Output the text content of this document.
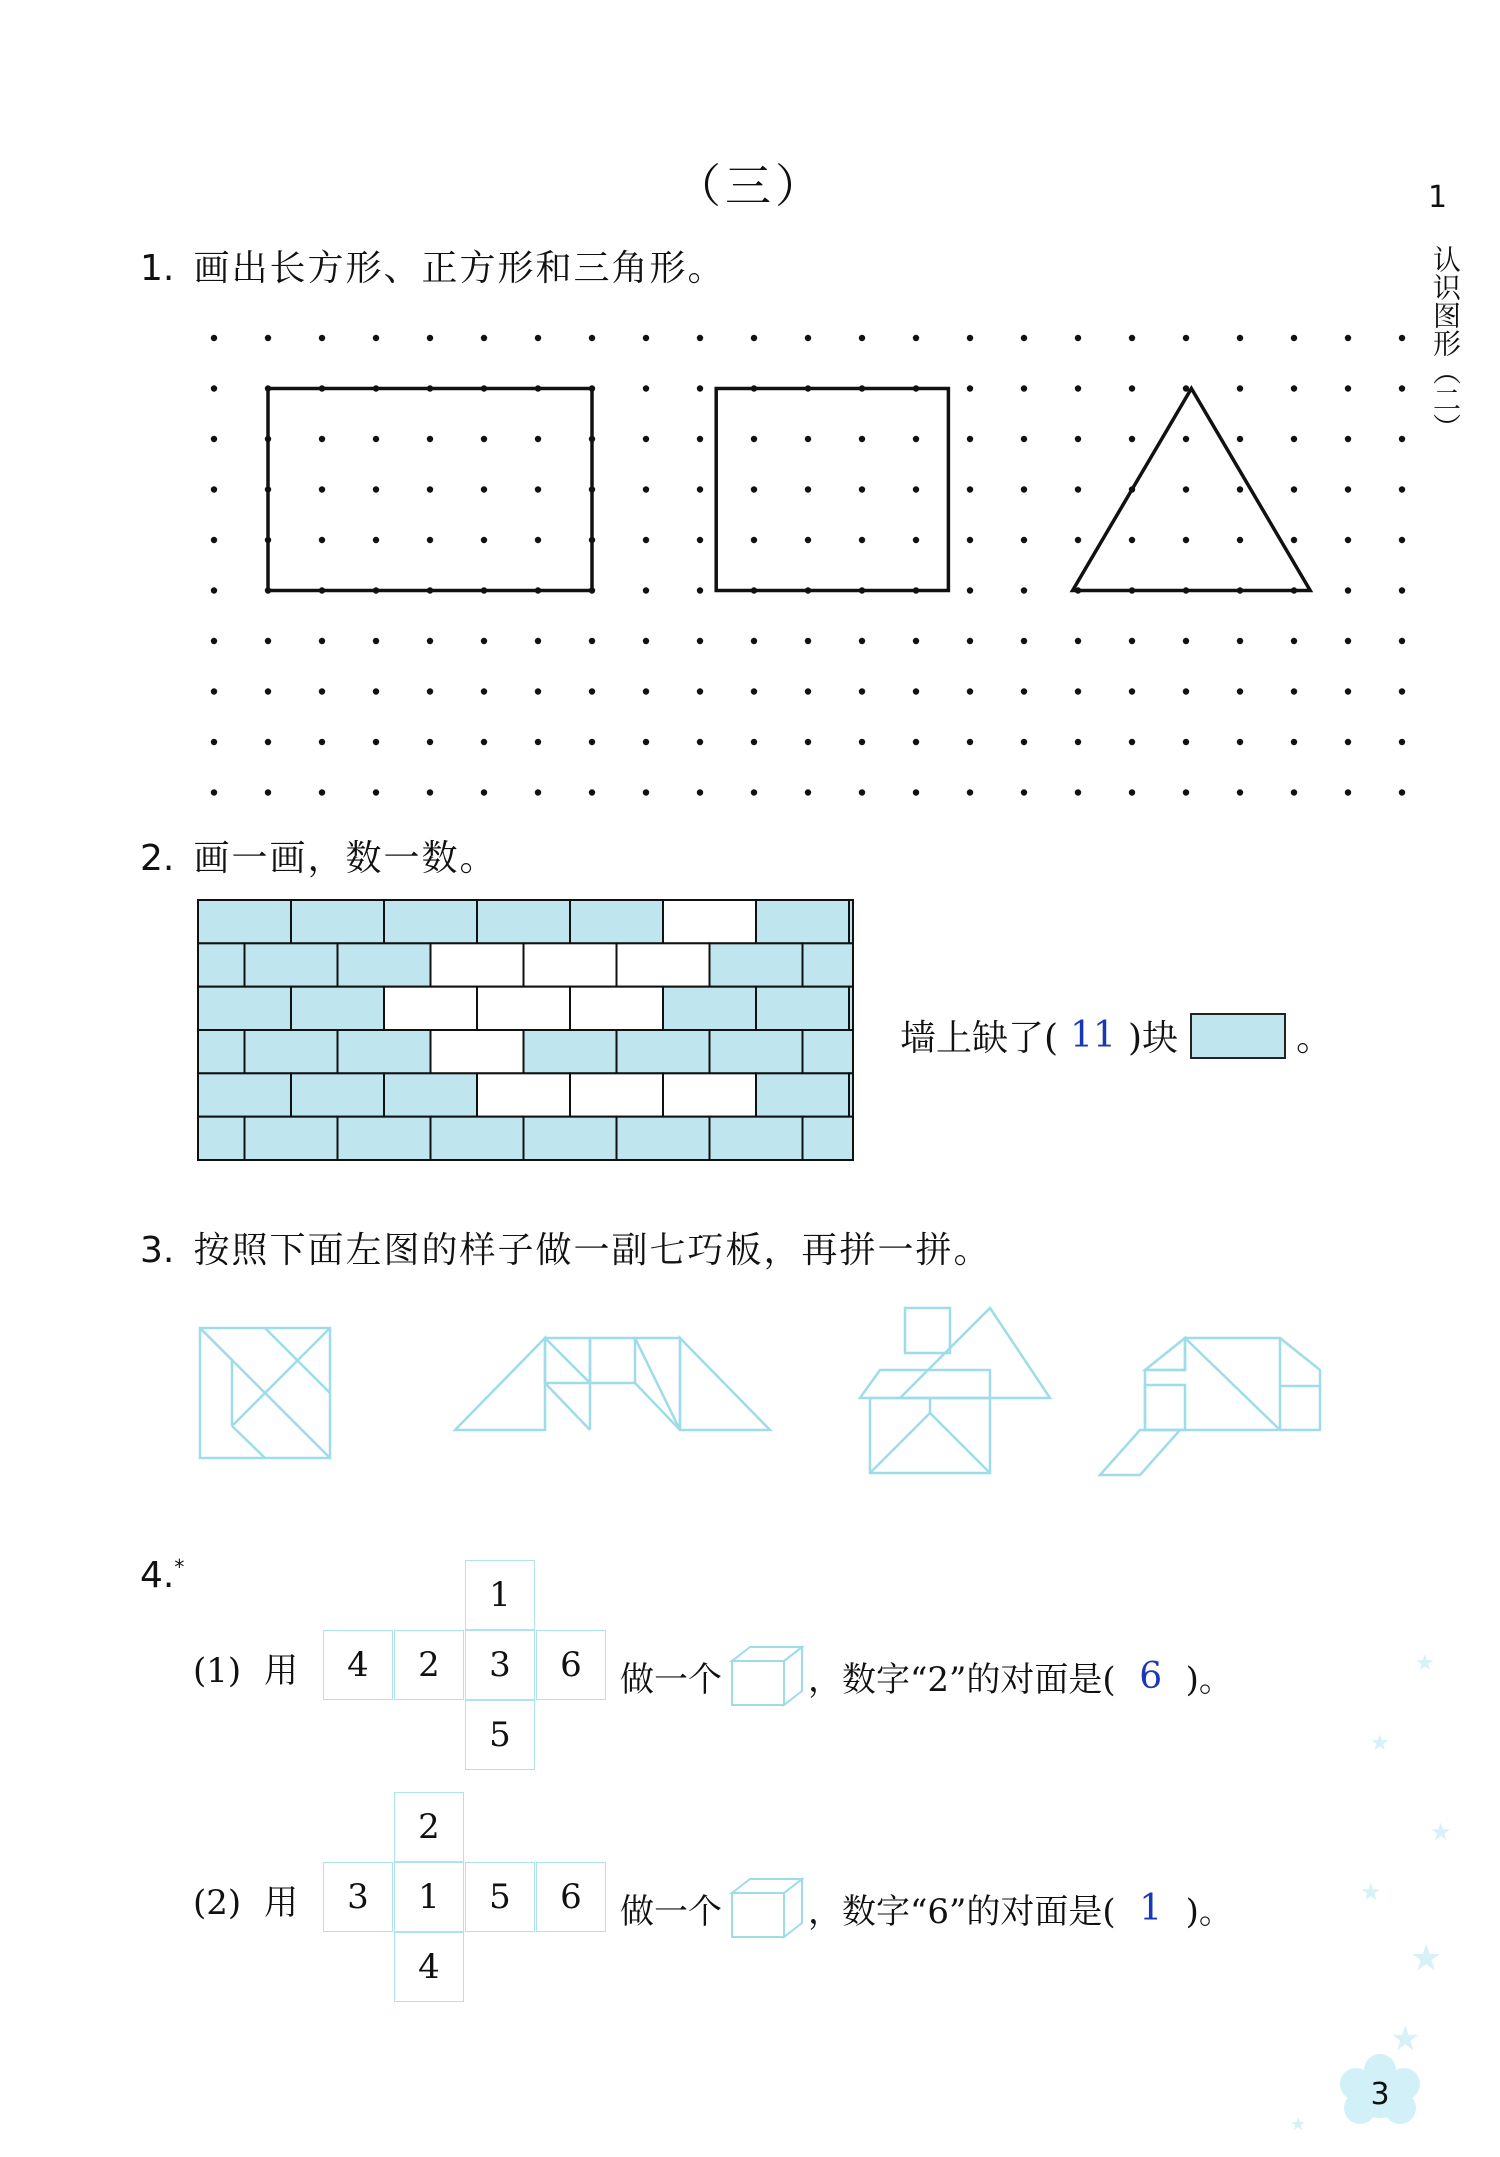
（三）	1
认识图形（二）
1. 画出长方形、正方形和三角形。
2. 画一画，数一数。
墙上缺了( 11 )块	。
3. 按照下面左图的样子做一副七巧板，再拼一拼。
4.*
1
4	2	3	6
5
(1) 用	做一个	，数字“2”的对面是( 6 )。
2
3	1	5	6
4
(2) 用	做一个	，数字“6”的对面是( 1 )。
★
★
★
★
★
★
★
3
